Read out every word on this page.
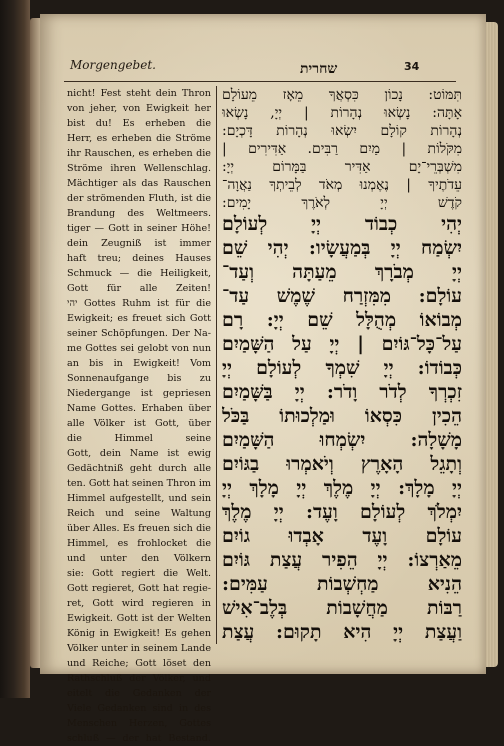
Morgengebet.	שחרית	34
nicht! Fest steht dein Thron
von jeher, von Ewigkeit her
bist du! Es erheben die
Herr, es erheben die Ströme
ihr Rauschen, es erheben die
Ströme ihren Wellenschlag.
Mächtiger als das Rauschen
der strömenden Fluth, ist die
Brandung des Weltmeers.
tiger — Gott in seiner Höhe!
dein Zeugniß ist immer
haft treu; deines Hauses
Schmuck — die Heiligkeit,
Gott für alle Zeiten!
יהי Gottes Ruhm ist für die
Ewigkeit; es freuet sich Gott
seiner Schöpfungen. Der Na-
me Gottes sei gelobt von nun
an bis in Ewigkeit! Vom
Sonnenaufgange bis zu
Niedergange ist gepriesen
Name Gottes. Erhaben über
alle Völker ist Gott, über
die Himmel seine
Gott, dein Name ist ewig
Gedächtniß geht durch alle
ten. Gott hat seinen Thron im
Himmel aufgestellt, und sein
Reich und seine Waltung
über Alles. Es freuen sich die
Himmel, es frohlocket die
und unter den Völkern
sie: Gott regiert die Welt.
Gott regieret, Gott hat regie-
ret, Gott wird regieren in
Ewigkeit. Gott ist der Welten
König in Ewigkeit! Es gehen
Völker unter in seinem Lande
und Reiche; Gott löset den
Rathschluß der Völker, und
eitelt die Gedanken der
Viele Gedanken sind in des
Menschen Herzen, Gottes
schluß — der hat Bestand.
תִּמּוֹט: נָכוֹן כִּסְאֲךָ מֵאָז מֵעוֹלָם
אָתָּה: נָשְׂאוּ נְהָרוֹת | יְיָ, נָשְׂאוּ
נְהָרוֹת קוֹלָם יִשְׂאוּ נְהָרוֹת דָּכְיָם:
מִקֹּלוֹת | מַיִם רַבִּים. אַדִּירִים |
מִשְׁבְּרֵי־יָם אַדִּיר בַּמָּרוֹם יְיָ:
עֵדֹתֶיךָ | נֶאֶמְנוּ מְאֹד לְבֵיתְךָ נַאֲוָה־
קֹדֶשׁ יְיָ לְאֹרֶךְ יָמִים:
יְהִי כְבוֹד יְיָ לְעוֹלָם
יִשְׂמַח יְיָ בְּמַעֲשָׂיו: יְהִי שֵׁם
יְיָ מְבֹרָךְ מֵעַתָּה וְעַד־
עוֹלָם: מִמִּזְרַח שֶׁמֶשׁ עַד־
מְבוֹאוֹ מְהֻלָּל שֵׁם יְיָ: רָם
עַל־כָּל־גּוֹיִם | יְיָ עַל הַשָּׁמַיִם
כְּבוֹדוֹ: יְיָ שִׁמְךָ לְעוֹלָם יְיָ
זִכְרְךָ לְדֹר וָדֹר: יְיָ בַּשָּׁמַיִם
הֵכִין כִּסְאוֹ וּמַלְכוּתוֹ בַּכֹּל
מָשָׁלָה: יִשְׂמְחוּ הַשָּׁמַיִם
וְתָגֵל הָאָרֶץ וְיֹאמְרוּ בַגּוֹיִם
יְיָ מָלָךְ: יְיָ מֶלֶךְ יְיָ מָלָךְ יְיָ
יִמְלֹךְ לְעוֹלָם וָעֶד: יְיָ מֶלֶךְ
עוֹלָם וָעֶד אָבְדוּ גוֹיִם
מֵאַרְצוֹ: יְיָ הֵפִיר עֲצַת גּוֹיִם
הֵנִיא מַחְשְׁבוֹת עַמִּים:
רַבּוֹת מַחֲשָׁבוֹת בְּלֶב־אִישׁ
וַעֲצַת יְיָ הִיא תָקוּם: עֲצַת
